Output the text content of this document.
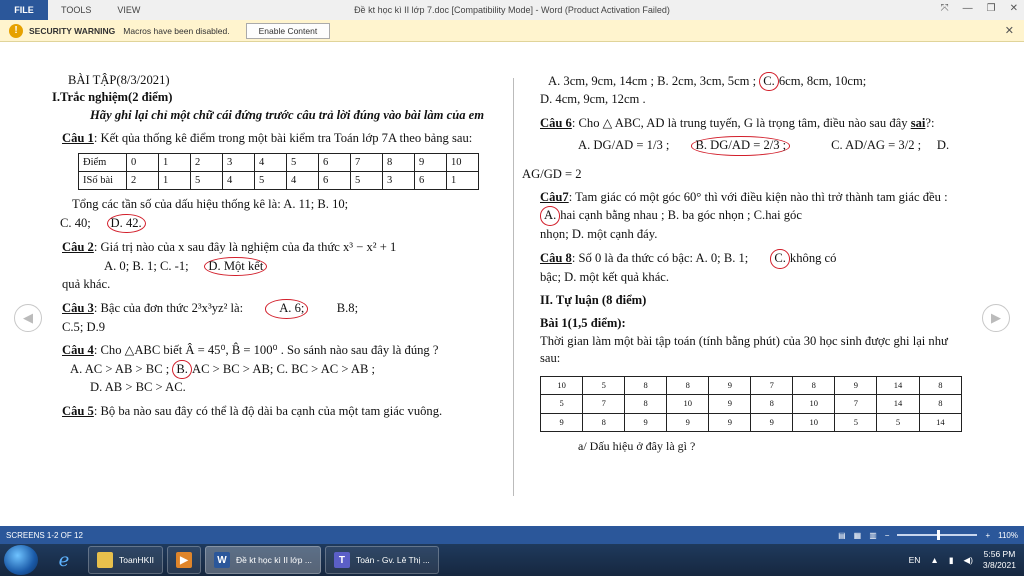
FILE	TOOLS	VIEW	Đề kt học kì II lớp 7.doc [Compatibility Mode] - Word (Product Activation Failed)	⤧ — ❐ ✕
!	SECURITY WARNING Macros have been disabled.	Enable Content	✕
◀	▶

BÀI TẬP(8/3/2021)

I.Trắc nghiệm(2 điểm)

Hãy ghi lại chỉ một chữ cái đứng trước câu trả lời đúng vào bài làm của em

Câu 1: Kết qủa thống kê điểm trong một bài kiểm tra Toán lớp 7A theo bảng sau:

Điểm	0	1	2	3	4	5	6	7	8	9	10
ISố bài	2	1	5	4	5	4	6	5	3	6	1

Tổng các tần số của dấu hiệu thống kê là: A. 11; B. 10;

C. 40; D. 42.

Câu 2: Giá trị nào của x sau đây là nghiệm của đa thức x³ − x² + 1

A. 0; B. 1; C. -1; D. Một kết

quả khác.

Câu 3: Bậc của đơn thức 2³x³yz² là:	A. 6;	B.8;

C.5; D.9

Câu 4: Cho △ABC biết Â = 45⁰, B̂ = 100⁰ . So sánh nào sau đây là đúng ?

A. AC > AB > BC ; B. AC > BC > AB; C. BC > AC > AB ;

D. AB > BC > AC.

Câu 5: Bộ ba nào sau đây có thể là độ dài ba cạnh của một tam giác vuông.

A. 3cm, 9cm, 14cm ; B. 2cm, 3cm, 5cm ; C. 6cm, 8cm, 10cm;

D. 4cm, 9cm, 12cm .

Câu 6: Cho △ ABC, AD là trung tuyến, G là trọng tâm, điều nào sau đây sai?:

A. DG/AD = 1/3 ; B. DG/AD = 2/3 ;	C. AD/AG = 3/2 ; D.

AG/GD = 2

Câu7: Tam giác có một góc 60° thì với điều kiện nào thì trở thành tam giác đều :

A. hai cạnh bằng nhau ; B. ba góc nhọn ; C.hai góc

nhọn; D. một cạnh đáy.

Câu 8: Số 0 là đa thức có bậc: A. 0; B. 1; C. không có

bậc; D. một kết quả khác.

II. Tự luận (8 điểm)

Bài 1(1,5 điểm):

Thời gian làm một bài tập toán (tính bằng phút) của 30 học sinh được ghi lại như sau:

10	5	8	8	9	7	8	9	14	8
5	7	8	10	9	8	10	7	14	8
9	8	9	9	9	9	10	5	5	14

a/ Dấu hiệu ở đây là gì ?

SCREENS 1-2 OF 12	▤ ▦ ▥ −	+ 110%
ℯ	ToanHKII	▶	W	Đề kt học kì II lớp ...	T	Toán - Gv. Lê Thị ...	EN ▲ ▮ ◀)
5:56 PM
3/8/2021
